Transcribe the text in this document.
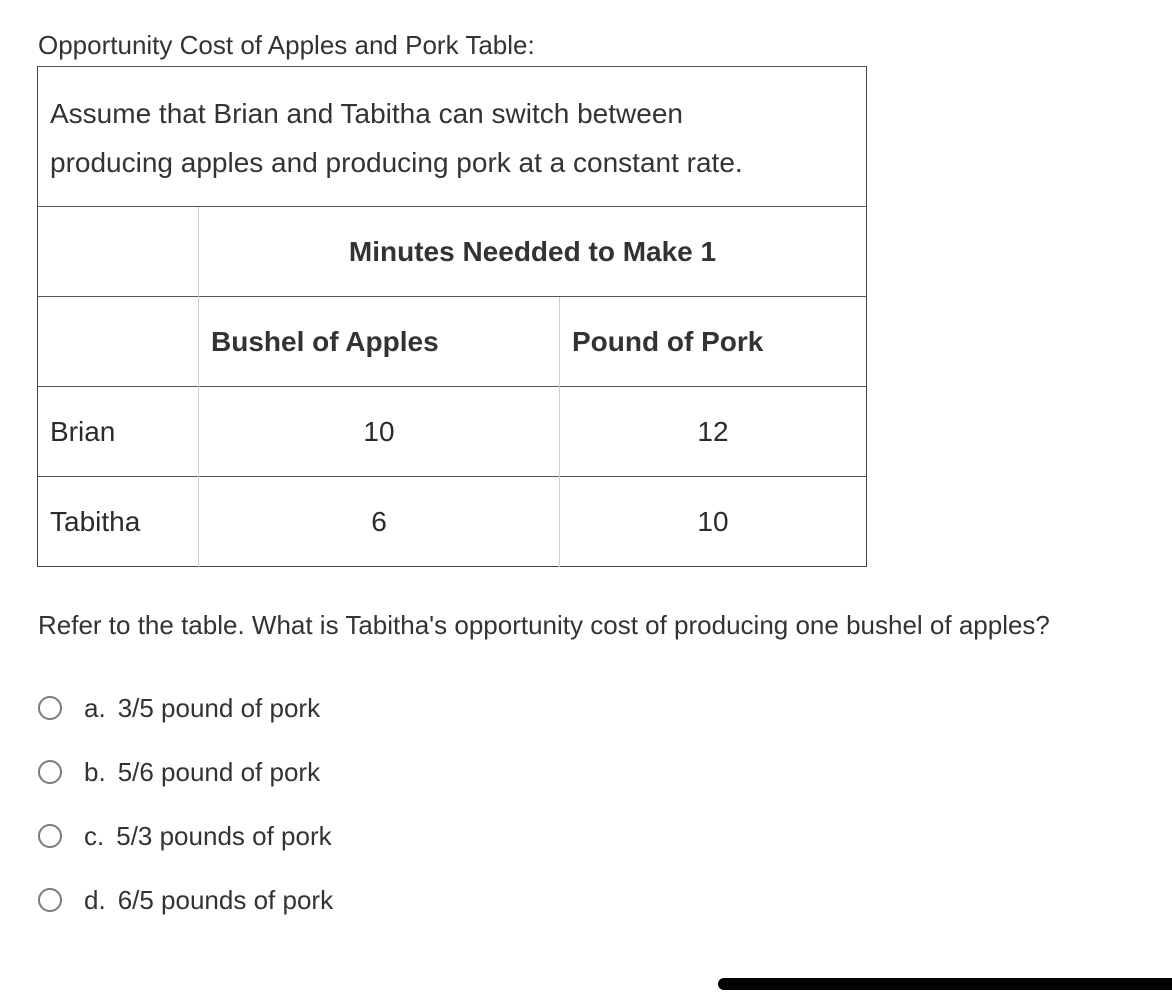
Opportunity Cost of Apples and Pork Table:
Assume that Brian and Tabitha can switch between
producing apples and producing pork at a constant rate.		

	Minutes Needded to Make 1	
	Bushel of Apples	Pound of Pork
Brian	10	12
Tabitha	6	10
Refer to the table. What is Tabitha's opportunity cost of producing one bushel of apples?
a. 3/5 pound of pork
b. 5/6 pound of pork
c. 5/3 pounds of pork
d. 6/5 pounds of pork
